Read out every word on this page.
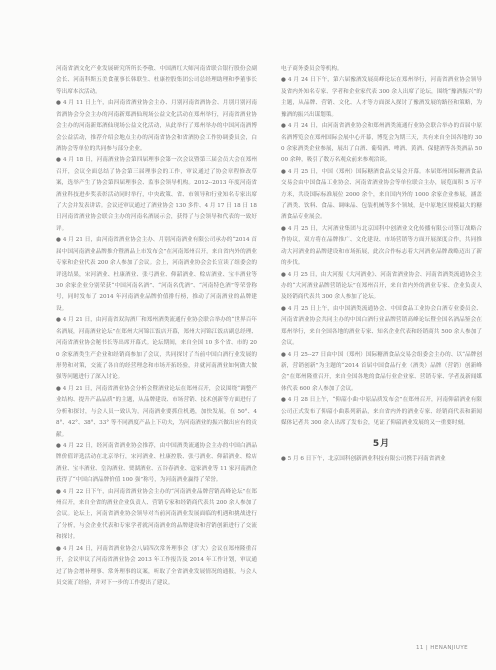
河南省酒文化产业发展研究所所长李敬、中国酒红大师河南省联合银行股份会副会长、河南科斯五美食董事长韩联生、杜康控股集团公司总经理助理和季董事长等出席本次活动。

● 4 月 11 日上午，由河南省酒业协会主办、月别河南省酒协会、月别月别河南省酒协会分会主办的河南新郑酒仙现场公益文化活动在郑州举行，河南省酒业协会主办的河南新郑酒仙现场公益文化活动，从此举行了郑州举办的中国河南酒博会公益活动，推荐介绍会地点主办的河南省协会和省酒协会工作协调委员会，白酒协会等单位的共同参与部分企业。

● 4 月 18 日，河南酒业协会第四届理事会第一次会议暨第三届会员大会在郑州召开，会议全面总结了协会第三届理事会的工作，审议通过了协会章程修改草案，选举产生了协会第四届理事会、监事会领导机构。2012--2013 年度河南省酒业科技进步奖表彰活动同时举行，中央政策、省、市领导和行业知名专家出席了大会并发表讲话。会议还审议通过了酒业协会 130 多件、4 月 17 日 18 日 18 日河南省酒业协会联合主办的河南名酒展示会，获得了与会领导和代表的一致好评。

● 4 月 21 日，由河南省酒业协会主办、月别河南酒业有限公司承办的“2014 首届中国河南酒业品牌推介暨酒品上市发布会”在河南郑州召开，来自省内外的酒业专家和企业代表 200 余人参加了会议。会上，河南酒业协会会长宣读了组委会的评选结果，宋河酒业、杜康酒业、张弓酒业、仰韶酒业、赊店酒业、宝丰酒业等 30 余家企业分别荣获“中国河南名酒”、“河南名优酒”、“河南特色酒”等荣誉称号，同时发布了 2014 年河南酒业品牌价值排行榜，推动了河南酒业的品牌建设。

● 4 月 21 日，由河南省双沟酒厂和郑州酒类流通行业协会联合举办的“世界百年名酒展，河南酒业论坛”在郑州大河锦江饭店开幕，郑州大河锦江饭店副总经理、河南省酒业协会秘书长等出席开幕式。论坛期间，来自全国 10 多个省、市的 200 余家酒类生产企业和经销商参加了会议，共同探讨了当前中国白酒行业发展的形势和对策，交流了各自的经营理念和市场开拓经验，并就河南酒业如何做大做强等问题进行了深入讨论。

● 4 月 21 日，河南省酒业协会分析会暨酒业论坛在郑州召开，会议围绕“调整产业结构、提升产品品质”的主题，从品牌建设、市场营销、技术创新等方面进行了分析和探讨，与会人员一致认为，河南酒业要抓住机遇，加快发展，在 50°、48°、42°、38°、33° 等不同酒度产品上下功夫，为河南酒业的振兴做出应有的贡献。

● 4 月 22 日，经河南省酒业协会推荐，由中国酒类流通协会主办的中国白酒品牌价值评选活动在北京举行，宋河酒业、杜康控股、张弓酒业、仰韶酒业、赊店酒业、宝丰酒业、皇沟酒业、贾湖酒业、五谷春酒业、寇家酒业等 11 家河南酒企获得了“中国白酒品牌价值 100 强”称号，为河南酒业赢得了荣誉。

● 4 月 22 日下午，由河南省酒业协会主办的“河南酒业品牌营销高峰论坛”在郑州召开，来自全省的酒业企业负责人、营销专家和经销商代表共 200 余人参加了会议。论坛上，河南省酒业协会领导对当前河南酒业发展面临的机遇和挑战进行了分析，与会企业代表和专家学者就河南酒业的品牌建设和营销创新进行了交流和探讨。

● 4 月 24 日，河南省酒业协会八届四次常务理事会（扩大）会议在郑州隆重召开，会议审议了河南省酒业协会 2013 年工作报告及 2014 年工作计划，审议通过了协会增补理事、常务理事的议案，听取了全省酒业发展情况的通报，与会人员交流了经验，并对下一步的工作提出了建议。

电子商务委员会等机构。

● 4 月 24 日下午，第六届豫酒发展高峰论坛在郑州举行，河南省酒业协会领导及省内外知名专家、学者和企业家代表 300 余人出席了论坛，围绕“豫酒振兴”的主题，从品牌、营销、文化、人才等方面深入探讨了豫酒发展的路径和策略，为豫酒的振兴出谋划策。

● 4 月 24 日，由河南省酒业协会和郑州酒类流通行业协会联合举办的首届中原名酒博览会在郑州国际会展中心开幕，博览会为期三天，共有来自全国各地的 300 余家酒类企业参展，展出了白酒、葡萄酒、啤酒、黄酒、保健酒等各类酒品 5000 余种，吸引了数万名观众前来参观洽谈。

● 4 月 25 日，中国（郑州）国际糖酒食品交易会开幕。本届郑州国际糖酒食品交易会由中国食品工业协会、河南省酒业协会等单位联合主办，展览面积 5 万平方米，共设国际标准展位 2000 余个，来自国内外的 1000 余家企业参展，涵盖了酒类、饮料、食品、调味品、包装机械等多个领域，是中原地区规模最大的糖酒食品专业展会。

● 4 月 25 日，大河酒业集团与北京国科中创酒业文化传播有限公司签订战略合作协议，双方将在品牌推广、文化建设、市场营销等方面开展深度合作，共同推动大河酒业的品牌建设和市场拓展，此次合作标志着大河酒业品牌战略迈出了新的步伐。

● 4 月 25 日，由大河报《大河酒业》、河南省酒业协会、河南省酒类流通协会主办的“大河酒业品牌营销论坛”在郑州召开，来自省内外的酒业专家、企业负责人及经销商代表共 300 余人参加了论坛。

● 4 月 25 日上午，由中国酒类流通协会、中国食品工业协会白酒专业委员会、河南省酒业协会共同主办的中国白酒行业品牌营销高峰论坛暨全国名酒品鉴会在郑州举行，来自全国各地的酒业专家、知名企业代表和经销商共 500 余人参加了会议。

● 4 月 25--27 日由中国（郑州）国际糖酒食品交易会组委会主办的、以“品牌创新，营销创新”为主题的“2014 首届中国食品行业（酒类）品牌（营销）创新峰会”在郑州隆重召开，来自全国各地的食品行业企业家、营销专家、学者及新闻媒体代表 600 余人参加了会议。

● 4 月 28 日上午，“仰韶小曲·中原品质发布会”在郑州召开，河南仰韶酒业有限公司正式发布了仰韶小曲系列新品，来自省内外的酒业专家、经销商代表和新闻媒体记者共 300 余人出席了发布会，见证了仰韶酒业发展的又一重要时刻。

5月

● 5 月 6 日下午，北京国科创新酒业科技有限公司携手河南省酒业

11 | HENANJIUYE
